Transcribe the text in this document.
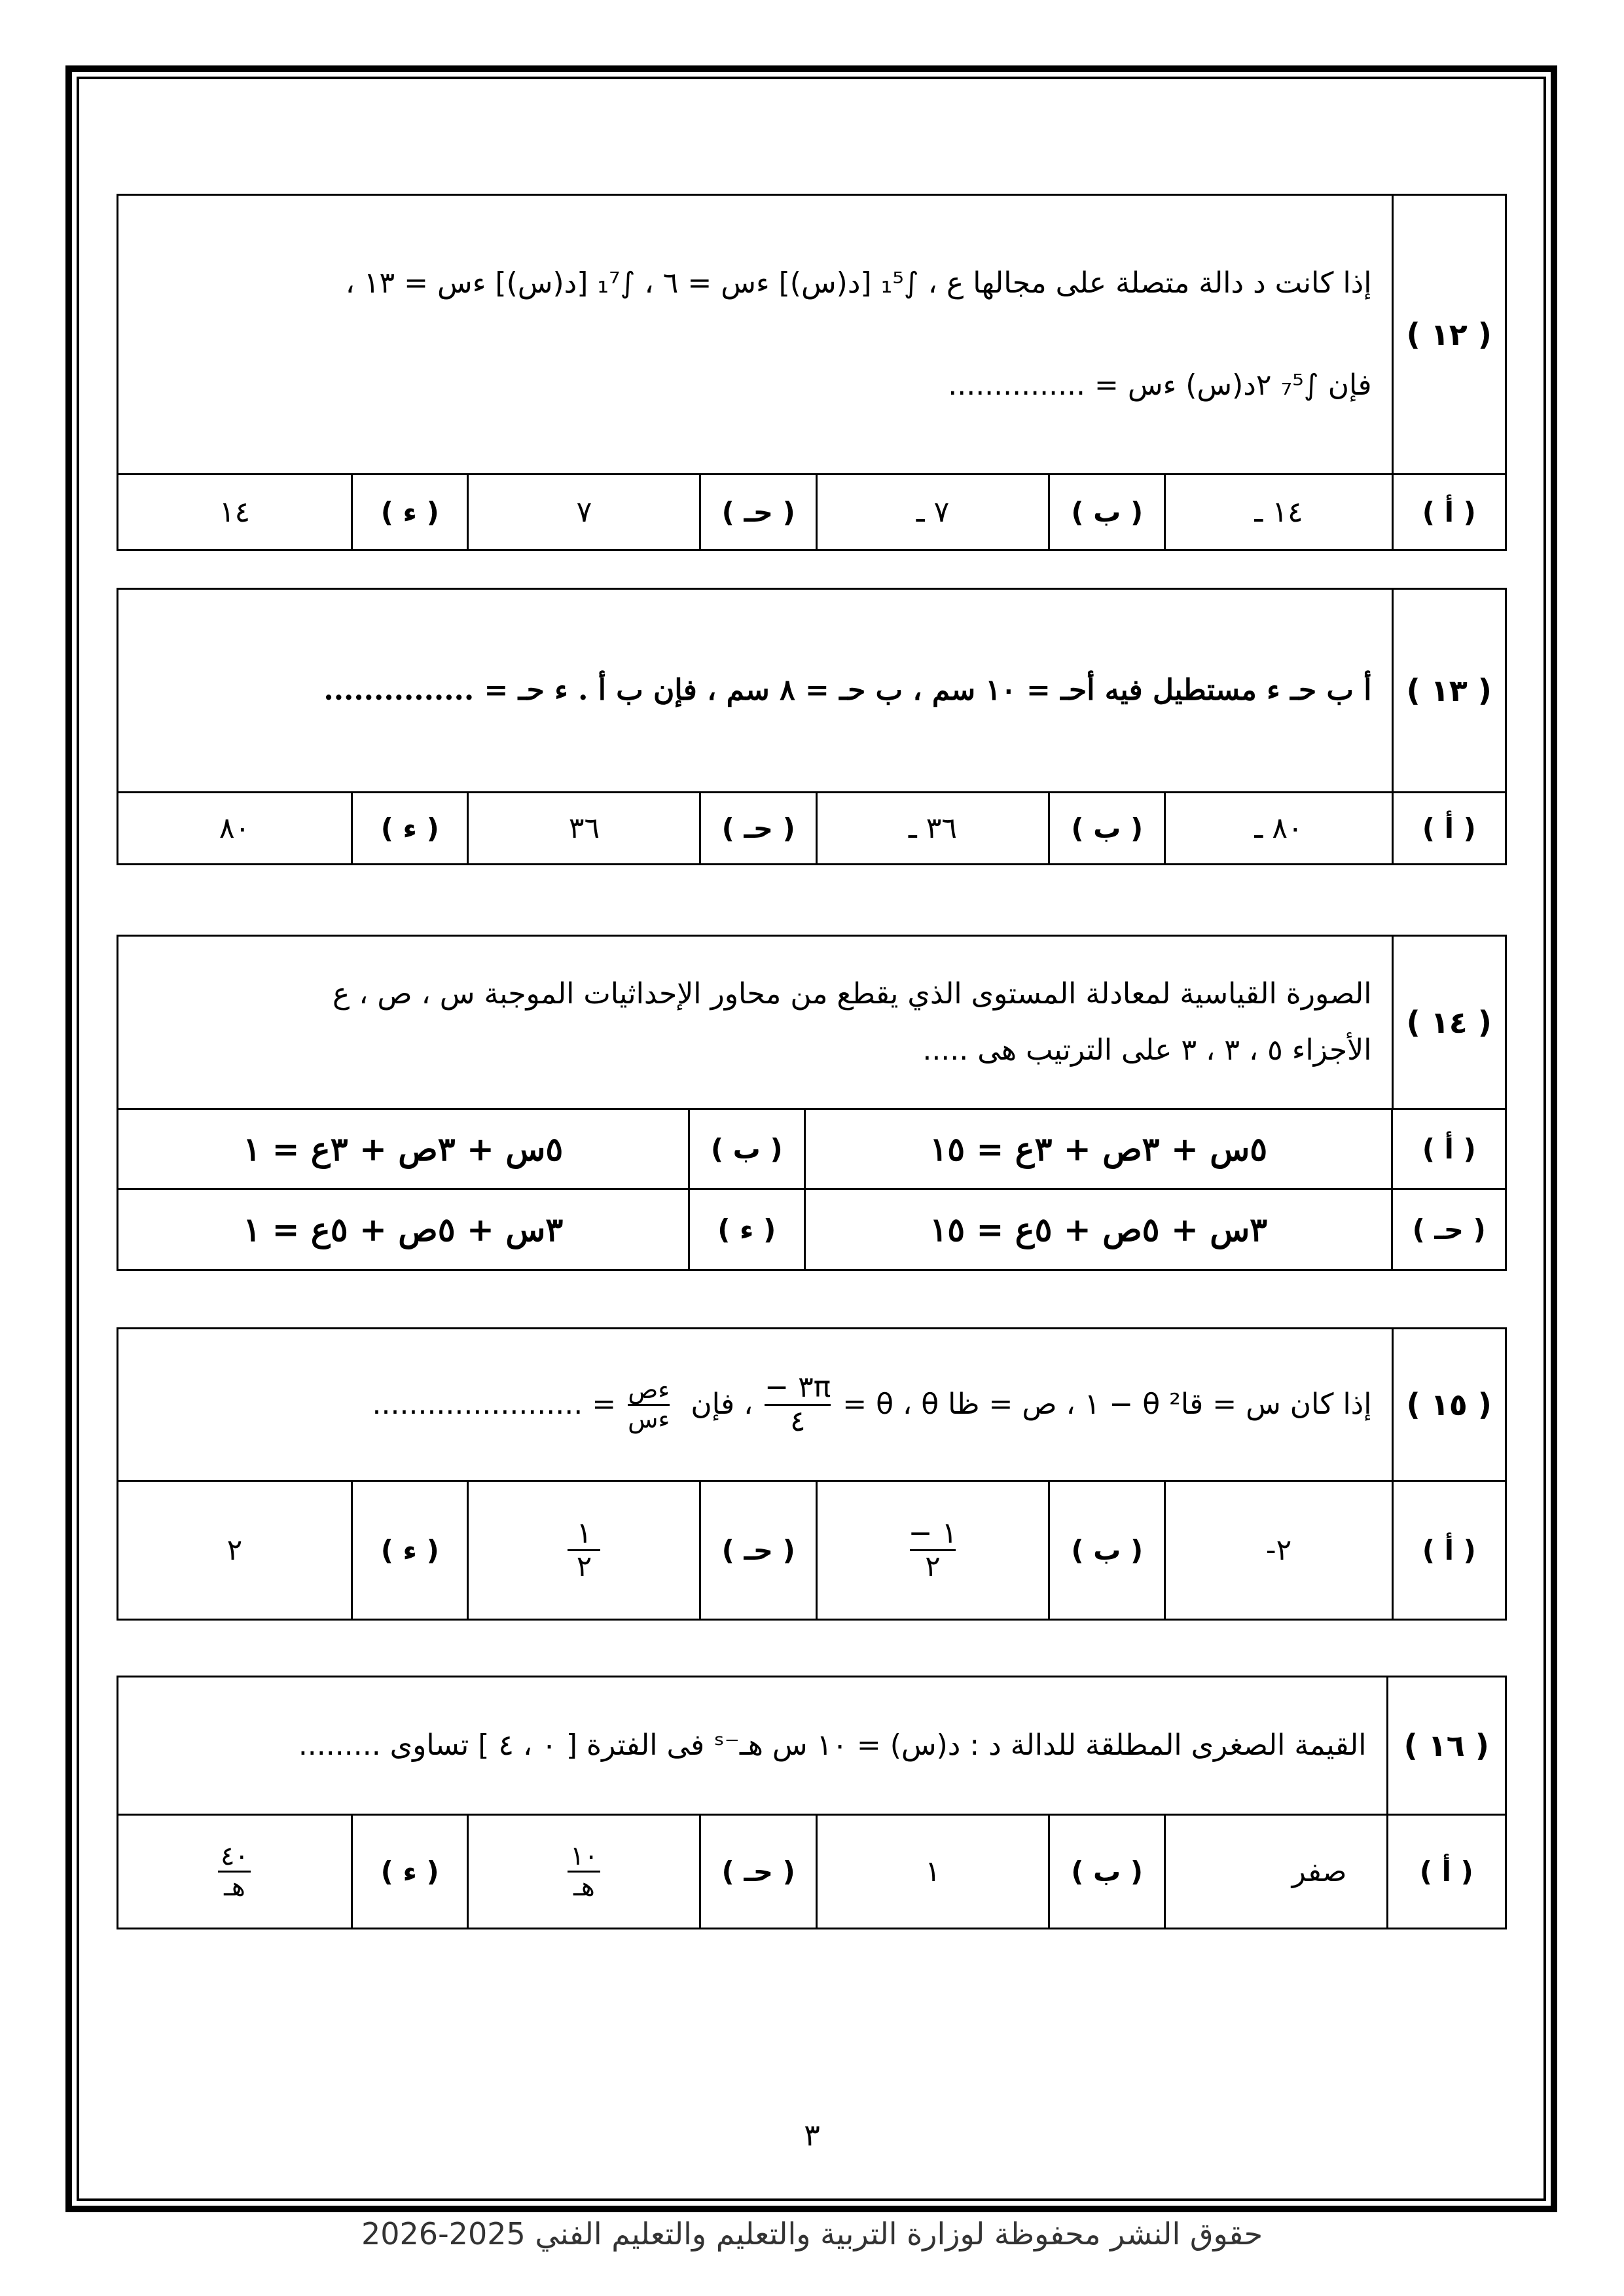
إذا كانت د دالة متصلة على مجالها ع ، ∫₁⁵ [د(س)] ءس = ٦ ، ∫₁⁷ [د(س)] ءس = ١٣ ،
فإن ∫₇⁵ ٢د(س) ءس = ...............
( ١٢ )
١٤	( ء )	٧	( حـ )	٧ ـ	( ب )	١٤ ـ	( أ )
أ ب حـ ء مستطيل فيه أحـ = ١٠ سم ، ب حـ = ٨ سم ، فإن ب أ . ء حـ = ...............	( ١٣ )
٨٠	( ء )	٣٦	( حـ )	٣٦ ـ	( ب )	٨٠ ـ	( أ )
الصورة القياسية لمعادلة المستوى الذي يقطع من محاور الإحداثيات الموجبة س ، ص ، ع
الأجزاء ٥ ، ٣ ، ٣ على الترتيب هى .....
( ١٤ )
٥س + ٣ص + ٣ع = ١	( ب )	٥س + ٣ص + ٣ع = ١٥	( أ )
٣س + ٥ص + ٥ع = ١	( ء )	٣س + ٥ص + ٥ع = ١٥	( حـ )
إذا كان س = قا² θ − ١ ، ص = ظا θ ، θ =
$\frac{٣\pi -}{٤}$
، فإن
$\frac{\text{ءص}}{\text{ءس}}$
= .......................	( ١٥ )
٢	( ء )	$\frac{١}{٢}$	( حـ )	$\frac{١ -}{٢}$	( ب )	٢-	( أ )
القيمة الصغرى المطلقة للدالة د : د(س) = ١٠ س هـ⁻ˢ فى الفترة [ ٠ ، ٤ ] تساوى .........	( ١٦ )
$\frac{٤٠}{\text{هـ}}$	( ء )	$\frac{١٠}{\text{هـ}}$	( حـ )	١	( ب )	صفر	( أ )
٣
حقوق النشر محفوظة لوزارة التربية والتعليم والتعليم الفني 2025-2026
